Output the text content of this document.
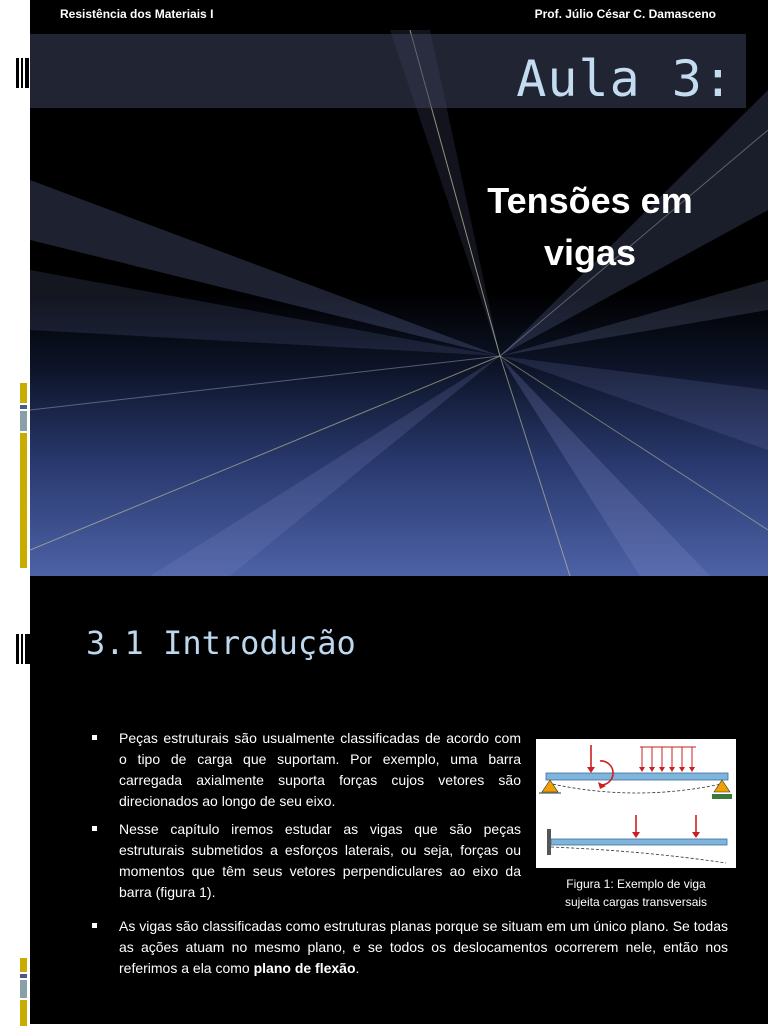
Resistência dos Materiais I	Prof. Júlio César C. Damasceno
Aula 3:
Tensões em
vigas
3.1 Introdução
Peças estruturais são usualmente classificadas de acordo com o tipo de carga que suportam. Por exemplo, uma barra carregada axialmente suporta forças cujos vetores são direcionados ao longo de seu eixo.
Nesse capítulo iremos estudar as vigas que são peças estruturais submetidos a esforços laterais, ou seja, forças ou momentos que têm seus vetores perpendiculares ao eixo da barra (figura 1).
As vigas são classificadas como estruturas planas porque se situam em um único plano. Se todas as ações atuam no mesmo plano, e se todos os deslocamentos ocorrerem nele, então nos referimos a ela como plano de flexão.
Figura 1: Exemplo de viga
sujeita cargas transversais
